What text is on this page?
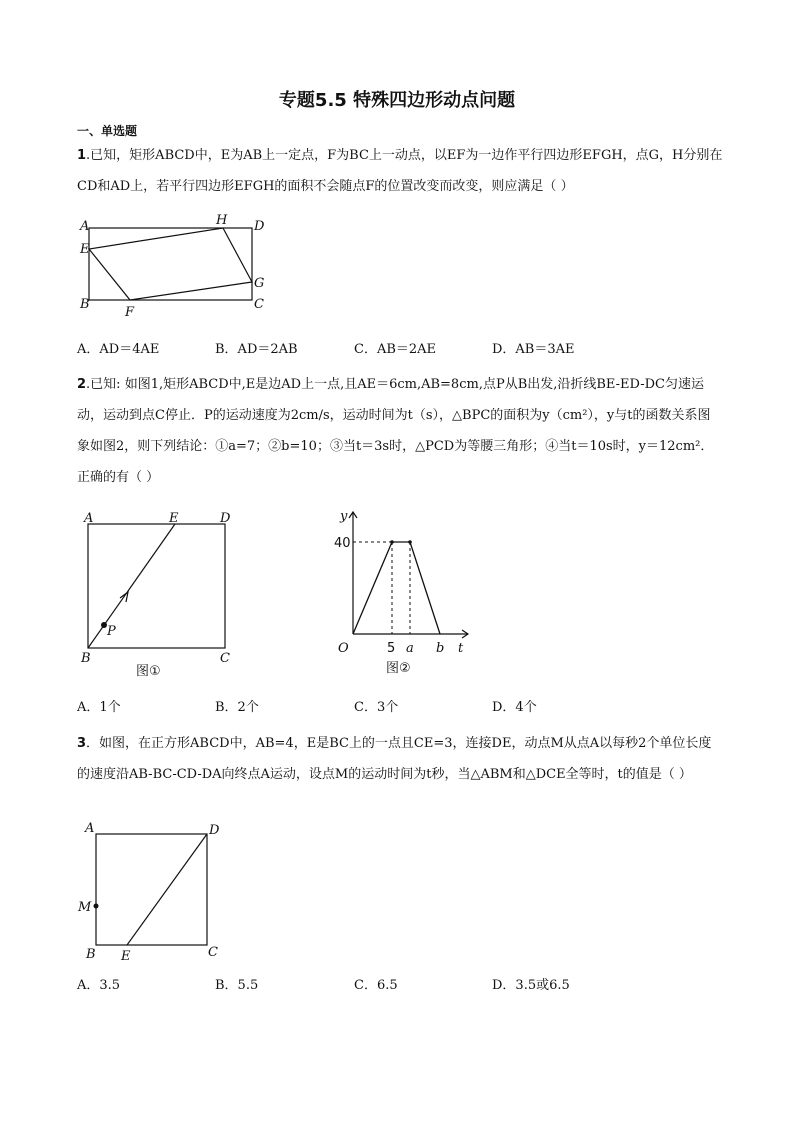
专题5.5 特殊四边形动点问题
一、单选题
1.已知，矩形ABCD中，E为AB上一定点，F为BC上一动点，以EF为一边作平行四边形EFGH，点G，H分别在CD和AD上，若平行四边形EFGH的面积不会随点F的位置改变而改变，则应满足（ ）
A	D
E
H
G
B
F
C
A．AD＝4AE	B．AD＝2AB	C．AB＝2AE	D．AB＝3AE
2.已知: 如图1,矩形ABCD中,E是边AD上一点,且AE＝6cm,AB=8cm,点P从B出发,沿折线BE-ED-DC匀速运动，运动到点C停止．P的运动速度为2cm/s，运动时间为t（s），△BPC的面积为y（cm²），y与t的函数关系图象如图2，则下列结论：①a=7；②b=10；③当t＝3s时，△PCD为等腰三角形；④当t＝10s时，y＝12cm²．正确的有（ ）
A	E	D
P
B	C
图①
y
40
O	5 a b t
图②
A．1个	B．2个	C．3个	D．4个
3．如图，在正方形ABCD中，AB=4，E是BC上的一点且CE=3，连接DE，动点M从点A以每秒2个单位长度的速度沿AB-BC-CD-DA向终点A运动，设点M的运动时间为t秒，当△ABM和△DCE全等时，t的值是（ ）
A	D
M
B E	C
A．3.5	B．5.5	C．6.5	D．3.5或6.5
